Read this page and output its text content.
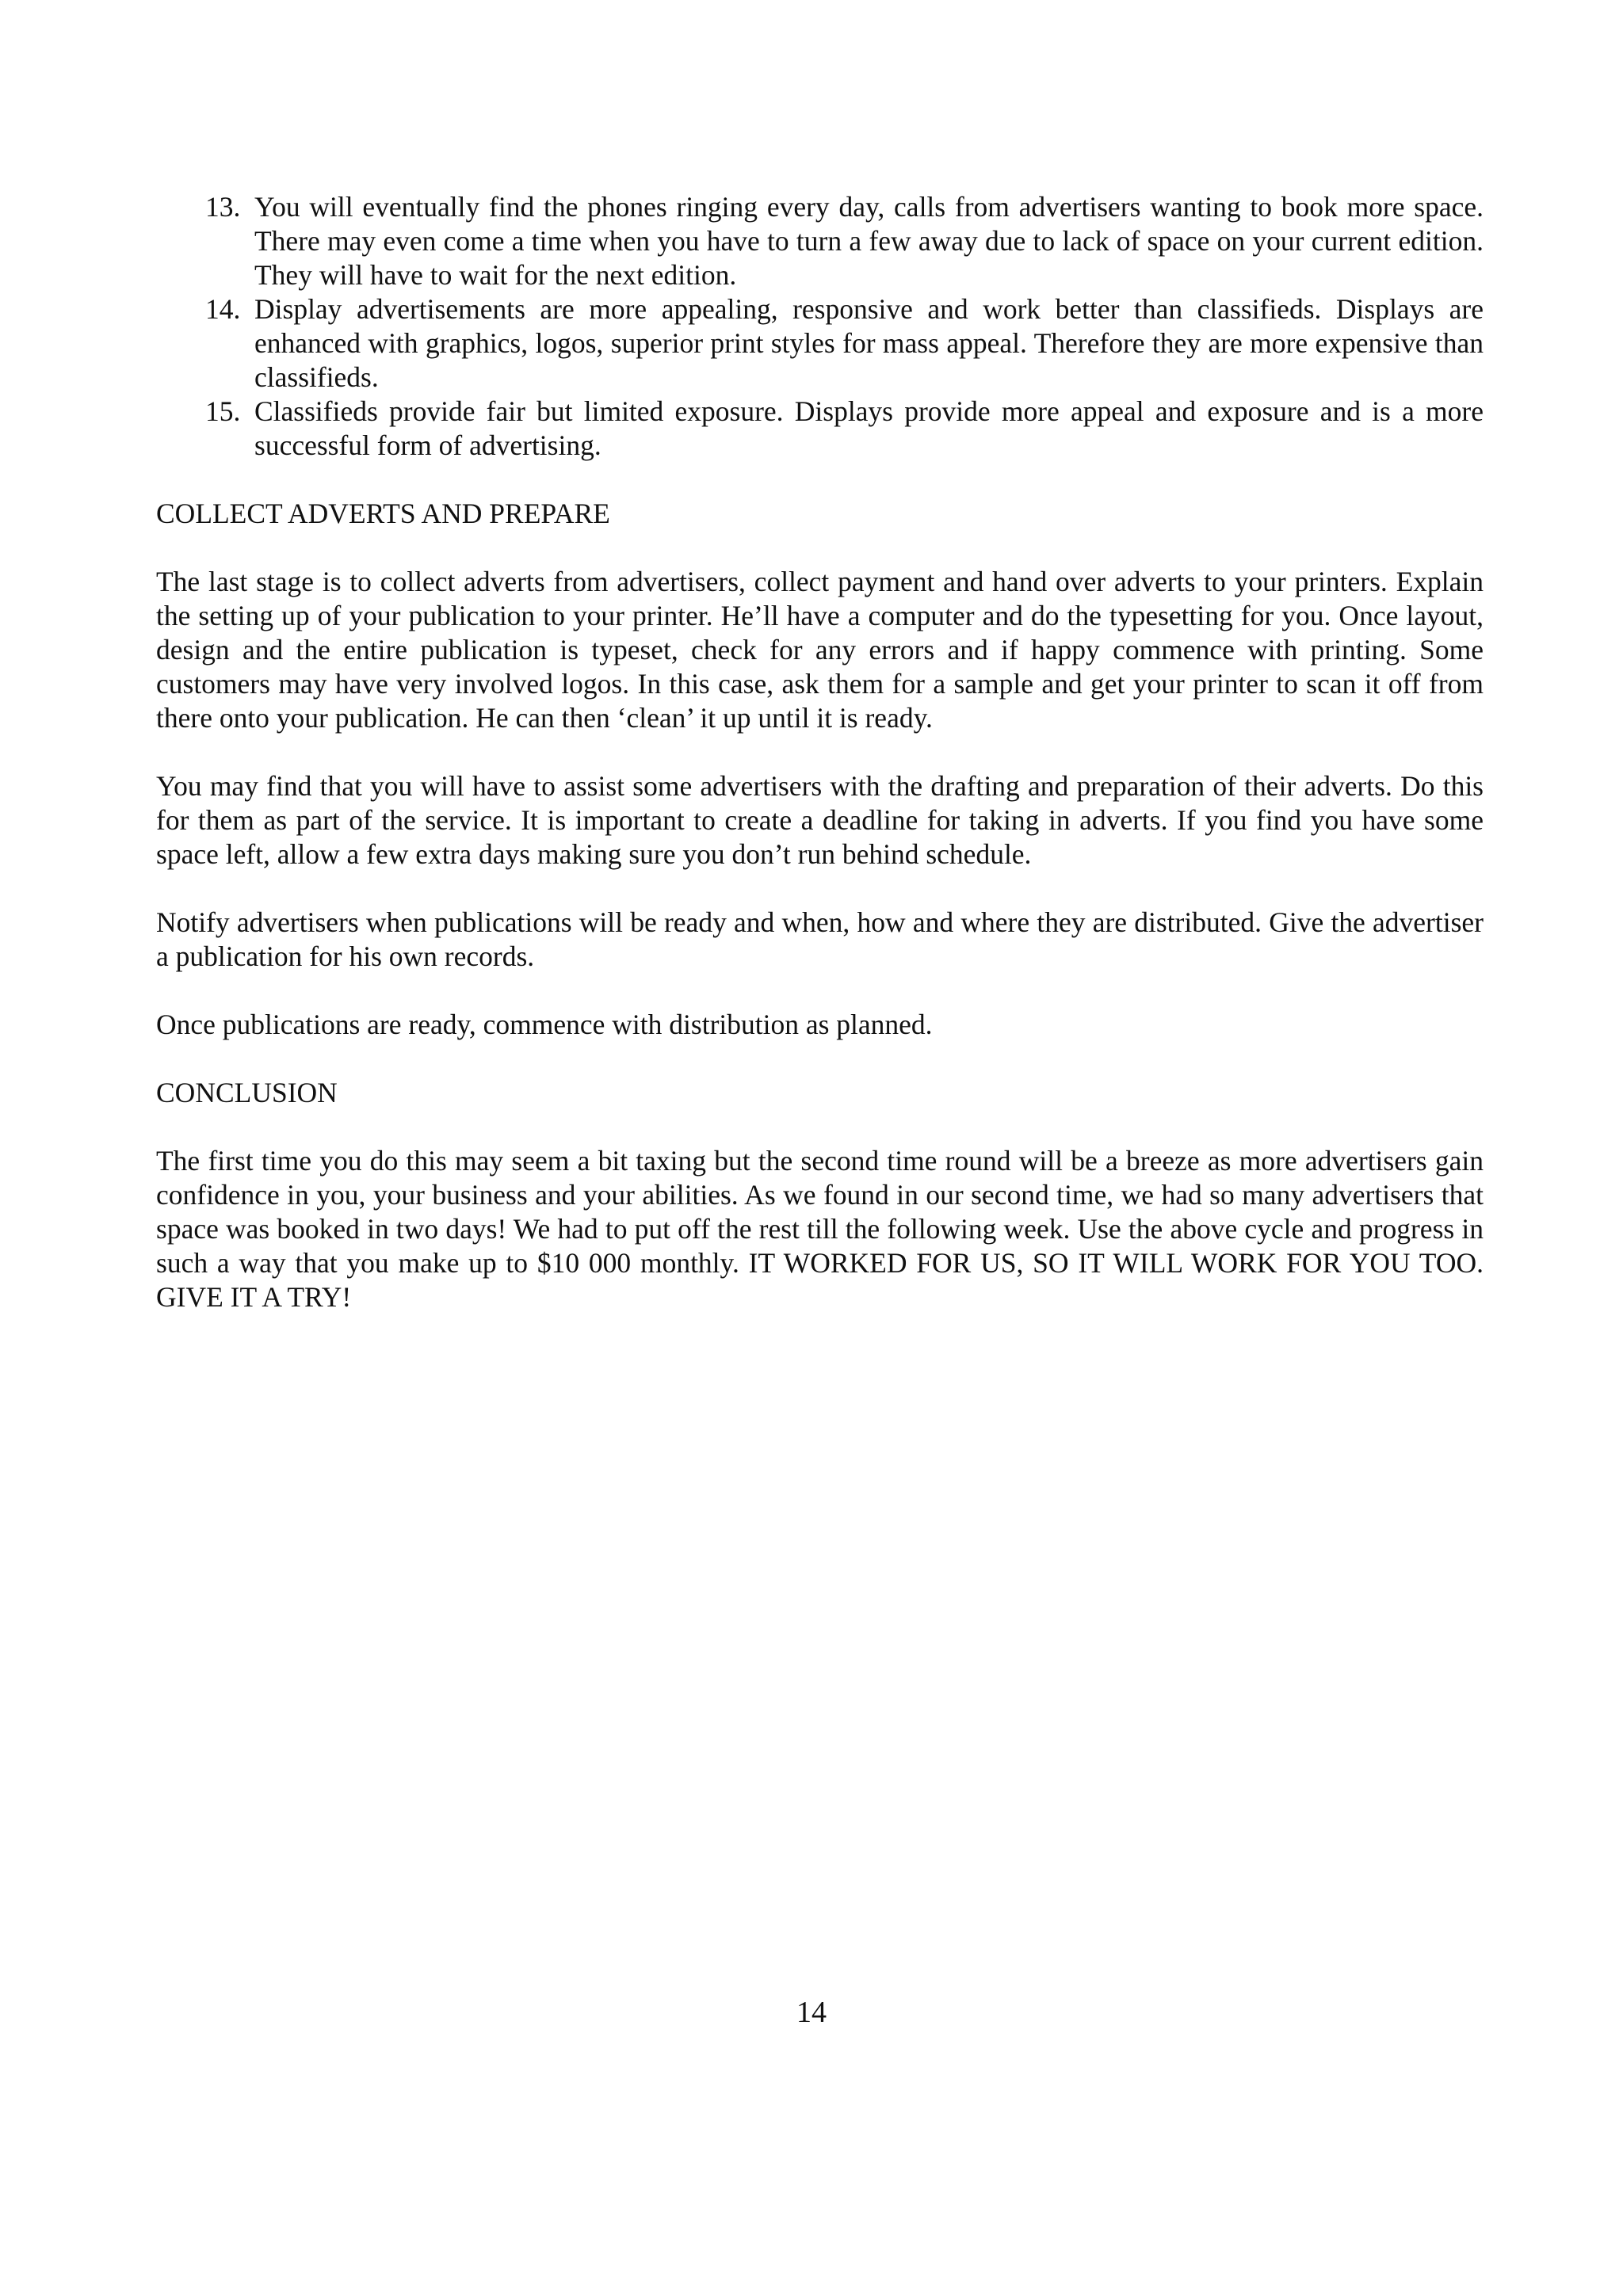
13. You will eventually find the phones ringing every day, calls from advertisers wanting to book more space. There may even come a time when you have to turn a few away due to lack of space on your current edition. They will have to wait for the next edition.
14. Display advertisements are more appealing, responsive and work better than classifieds. Displays are enhanced with graphics, logos, superior print styles for mass appeal. Therefore they are more expensive than classifieds.
15. Classifieds provide fair but limited exposure. Displays provide more appeal and exposure and is a more successful form of advertising.
COLLECT ADVERTS AND PREPARE

The last stage is to collect adverts from advertisers, collect payment and hand over adverts to your printers. Explain the setting up of your publication to your printer. He’ll have a computer and do the typesetting for you. Once layout, design and the entire publication is typeset, check for any errors and if happy commence with printing. Some customers may have very involved logos. In this case, ask them for a sample and get your printer to scan it off from there onto your publication. He can then ‘clean’ it up until it is ready.

You may find that you will have to assist some advertisers with the drafting and preparation of their adverts. Do this for them as part of the service. It is important to create a deadline for taking in adverts. If you find you have some space left, allow a few extra days making sure you don’t run behind schedule.

Notify advertisers when publications will be ready and when, how and where they are distributed. Give the advertiser a publication for his own records.

Once publications are ready, commence with distribution as planned.

CONCLUSION

The first time you do this may seem a bit taxing but the second time round will be a breeze as more advertisers gain confidence in you, your business and your abilities. As we found in our second time, we had so many advertisers that space was booked in two days! We had to put off the rest till the following week. Use the above cycle and progress in such a way that you make up to $10 000 monthly. IT WORKED FOR US, SO IT WILL WORK FOR YOU TOO. GIVE IT A TRY!

14
